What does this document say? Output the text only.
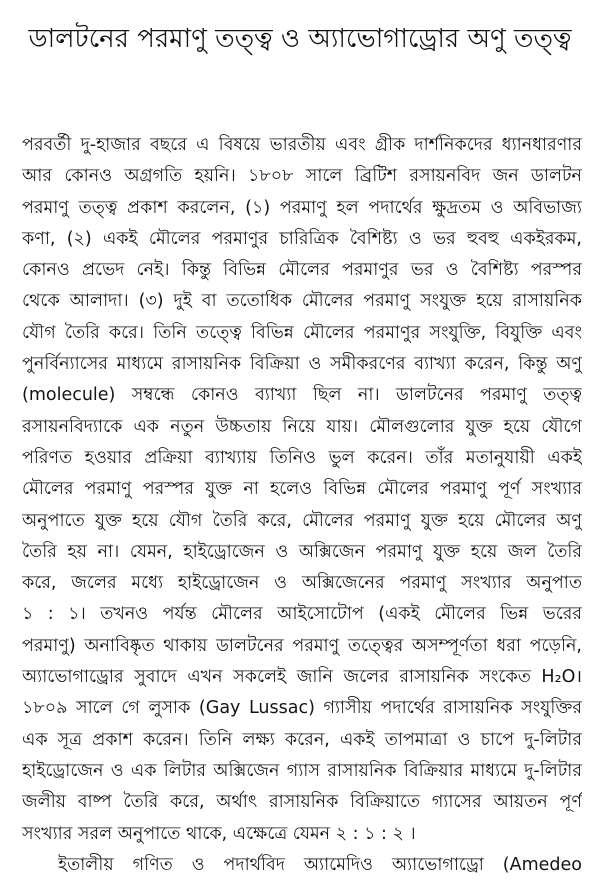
ডালটনের পরমাণু তত্ত্ব ও অ্যাভোগাড্রোর অণু তত্ত্ব
পরবর্তী দু-হাজার বছরে এ বিষয়ে ভারতীয় এবং গ্রীক দার্শনিকদের ধ্যানধারণার
আর কোনও অগ্রগতি হয়নি। ১৮০৮ সালে ব্রিটিশ রসায়নবিদ জন ডালটন
পরমাণু তত্ত্ব প্রকাশ করলেন, (১) পরমাণু হল পদার্থের ক্ষুদ্রতম ও অবিভাজ্য
কণা, (২) একই মৌলের পরমাণুর চারিত্রিক বৈশিষ্ট্য ও ভর হুবহু একইরকম,
কোনও প্রভেদ নেই। কিন্তু বিভিন্ন মৌলের পরমাণুর ভর ও বৈশিষ্ট্য পরস্পর
থেকে আলাদা। (৩) দুই বা ততোধিক মৌলের পরমাণু সংযুক্ত হয়ে রাসায়নিক
যৌগ তৈরি করে। তিনি তত্ত্বে বিভিন্ন মৌলের পরমাণুর সংযুক্তি, বিযুক্তি এবং
পুনর্বিন্যাসের মাধ্যমে রাসায়নিক বিক্রিয়া ও সমীকরণের ব্যাখ্যা করেন, কিন্তু অণু
(molecule) সম্বন্ধে কোনও ব্যাখ্যা ছিল না। ডালটনের পরমাণু তত্ত্ব
রসায়নবিদ্যাকে এক নতুন উচ্চতায় নিয়ে যায়। মৌলগুলোর যুক্ত হয়ে যৌগে
পরিণত হওয়ার প্রক্রিয়া ব্যাখ্যায় তিনিও ভুল করেন। তাঁর মতানুযায়ী একই
মৌলের পরমাণু পরস্পর যুক্ত না হলেও বিভিন্ন মৌলের পরমাণু পূর্ণ সংখ্যার
অনুপাতে যুক্ত হয়ে যৌগ তৈরি করে, মৌলের পরমাণু যুক্ত হয়ে মৌলের অণু
তৈরি হয় না। যেমন, হাইড্রোজেন ও অক্সিজেন পরমাণু যুক্ত হয়ে জল তৈরি
করে, জলের মধ্যে হাইড্রোজেন ও অক্সিজেনের পরমাণু সংখ্যার অনুপাত
১ : ১। তখনও পর্যন্ত মৌলের আইসোটোপ (একই মৌলের ভিন্ন ভরের
পরমাণু) অনাবিষ্কৃত থাকায় ডালটনের পরমাণু তত্ত্বের অসম্পূর্ণতা ধরা পড়েনি,
অ্যাভোগাড্রোর সুবাদে এখন সকলেই জানি জলের রাসায়নিক সংকেত H₂O।
১৮০৯ সালে গে লুসাক (Gay Lussac) গ্যাসীয় পদার্থের রাসায়নিক সংযুক্তির
এক সূত্র প্রকাশ করেন। তিনি লক্ষ্য করেন, একই তাপমাত্রা ও চাপে দু-লিটার
হাইড্রোজেন ও এক লিটার অক্সিজেন গ্যাস রাসায়নিক বিক্রিয়ার মাধ্যমে দু-লিটার
জলীয় বাষ্প তৈরি করে, অর্থাৎ রাসায়নিক বিক্রিয়াতে গ্যাসের আয়তন পূর্ণ
সংখ্যার সরল অনুপাতে থাকে, এক্ষেত্রে যেমন ২ : ১ : ২ ।
ইতালীয় গণিত ও পদার্থবিদ অ্যামেদিও অ্যাভোগাড্রো (Amedeo
